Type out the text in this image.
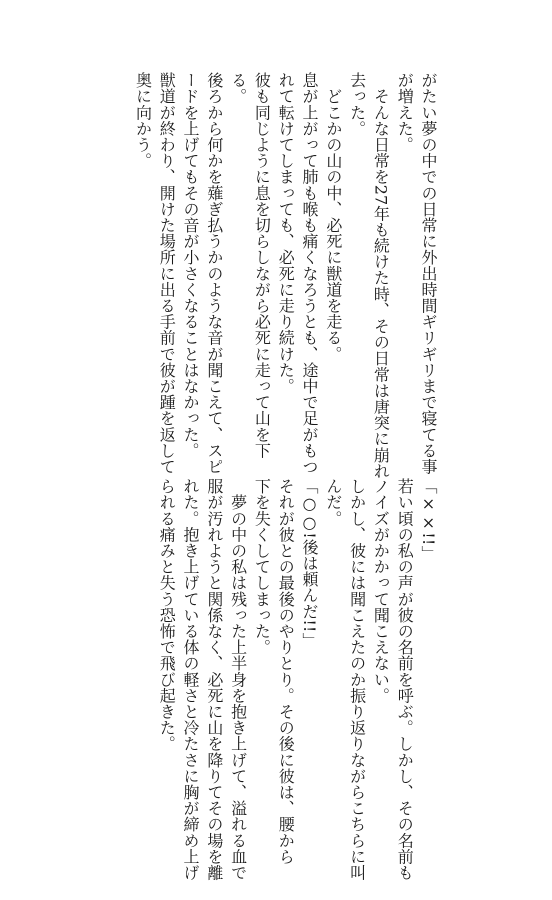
がたい夢の中での日常に外出時間ギリギリまで寝てる事

が増えた。

　そんな日常を27年も続けた時、その日常は唐突に崩れ

去った。

　どこかの山の中、必死に獣道を走る。

息が上がって肺も喉も痛くなろうとも、途中で足がもつ

れて転けてしまっても、必死に走り続けた。

彼も同じように息を切らしながら必死に走って山を下

る。

後ろから何かを薙ぎ払うかのような音が聞こえて、スピ

ードを上げてもその音が小さくなることはなかった。

獣道が終わり、開けた場所に出る手前で彼が踵を返して

奥に向かう。

「××!!」

若い頃の私の声が彼の名前を呼ぶ。しかし、その名前も

ノイズがかかって聞こえない。

しかし、彼には聞こえたのか振り返りながらこちらに叫

んだ。

「○○!後は頼んだ!!」

それが彼との最後のやりとり。その後に彼は、腰から

下を失くしてしまった。

　夢の中の私は残った上半身を抱き上げて、溢れる血で

服が汚れようと関係なく、必死に山を降りてその場を離

れた。抱き上げている体の軽さと冷たさに胸が締め上げ

られる痛みと失う恐怖で飛び起きた。
